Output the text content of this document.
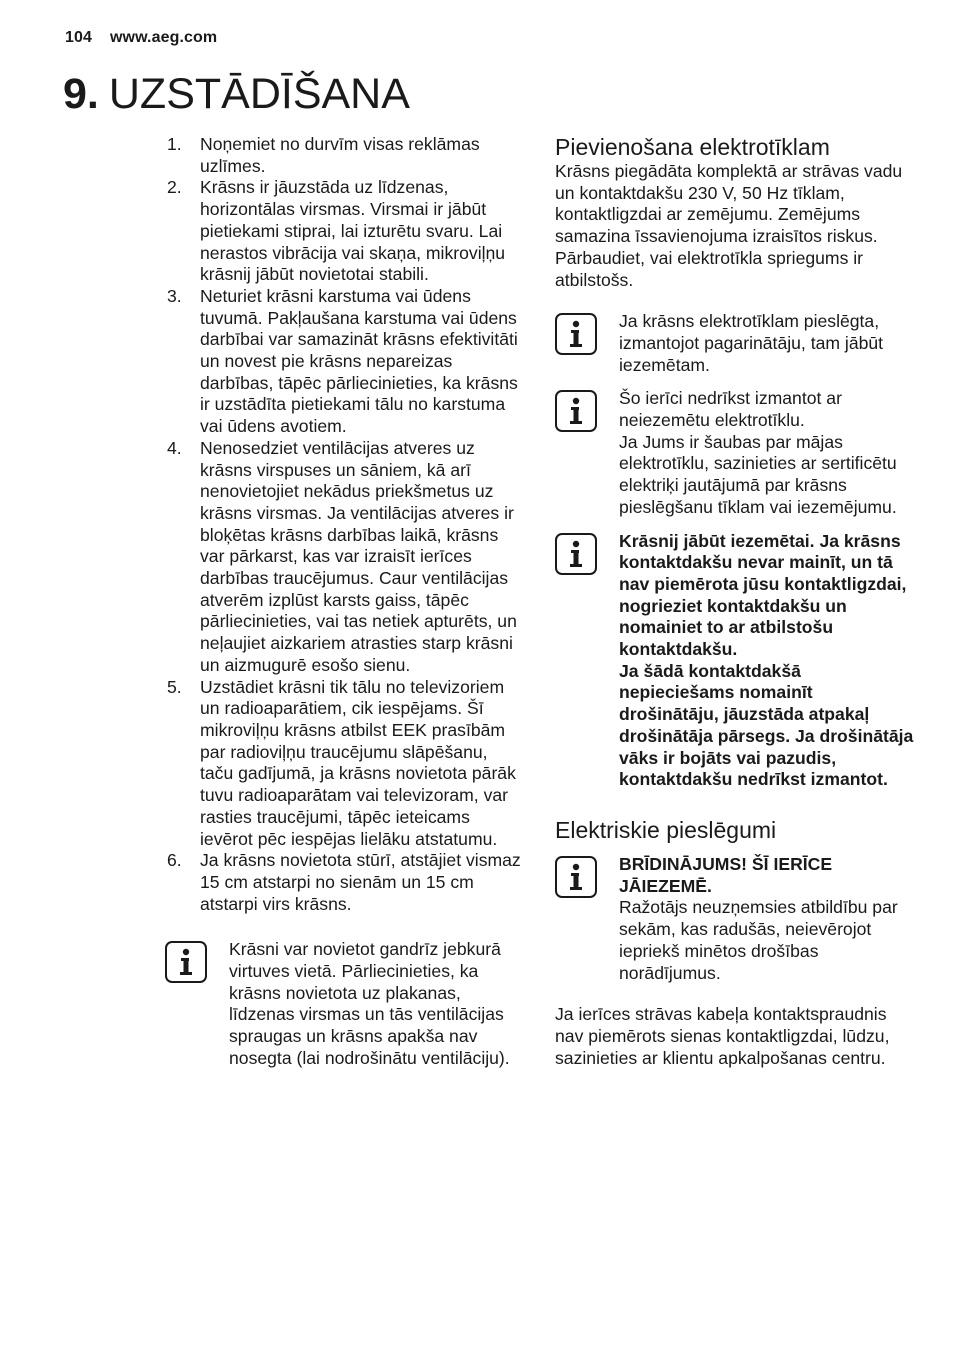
104 www.aeg.com
9. UZSTĀDĪŠANA
1. Noņemiet no durvīm visas reklāmas uzlīmes.
2. Krāsns ir jāuzstāda uz līdzenas, horizontālas virsmas. Virsmai ir jābūt pietiekami stiprai, lai izturētu svaru. Lai nerastos vibrācija vai skaņa, mikroviļņu krāsnij jābūt novietotai stabili.
3. Neturiet krāsni karstuma vai ūdens tuvumā. Pakļaušana karstuma vai ūdens darbībai var samazināt krāsns efektivitāti un novest pie krāsns nepareizas darbības, tāpēc pārliecinieties, ka krāsns ir uzstādīta pietiekami tālu no karstuma vai ūdens avotiem.
4. Nenosedziet ventilācijas atveres uz krāsns virspuses un sāniem, kā arī nenovietojiet nekādus priekšmetus uz krāsns virsmas. Ja ventilācijas atveres ir bloķētas krāsns darbības laikā, krāsns var pārkarst, kas var izraisīt ierīces darbības traucējumus. Caur ventilācijas atverēm izplūst karsts gaiss, tāpēc pārliecinieties, vai tas netiek apturēts, un neļaujiet aizkariem atrasties starp krāsni un aizmugurē esošo sienu.
5. Uzstādiet krāsni tik tālu no televizoriem un radioaparātiem, cik iespējams. Šī mikroviļņu krāsns atbilst EEK prasībām par radioviļņu traucējumu slāpēšanu, taču gadījumā, ja krāsns novietota pārāk tuvu radioaparātam vai televizoram, var rasties traucējumi, tāpēc ieteicams ievērot pēc iespējas lielāku atstatumu.
6. Ja krāsns novietota stūrī, atstājiet vismaz 15 cm atstarpi no sienām un 15 cm atstarpi virs krāsns.

Krāsni var novietot gandrīz jebkurā virtuves vietā. Pārliecinieties, ka krāsns novietota uz plakanas, līdzenas virsmas un tās ventilācijas spraugas un krāsns apakša nav nosegta (lai nodrošinātu ventilāciju).

Pievienošana elektrotīklam

Krāsns piegādāta komplektā ar strāvas vadu un kontaktdakšu 230 V, 50 Hz tīklam, kontaktligzdai ar zemējumu. Zemējums samazina īssavienojuma izraisītos riskus. Pārbaudiet, vai elektrotīkla spriegums ir atbilstošs.

Ja krāsns elektrotīklam pieslēgta, izmantojot pagarinātāju, tam jābūt iezemētam.

Šo ierīci nedrīkst izmantot ar neiezemētu elektrotīklu.

Ja Jums ir šaubas par mājas elektrotīklu, sazinieties ar sertificētu elektriķi jautājumā par krāsns pieslēgšanu tīklam vai iezemējumu.

Krāsnij jābūt iezemētai. Ja krāsns kontaktdakšu nevar mainīt, un tā nav piemērota jūsu kontaktligzdai, nogrieziet kontaktdakšu un nomainiet to ar atbilstošu kontaktdakšu.

Ja šādā kontaktdakšā nepieciešams nomainīt drošinātāju, jāuzstāda atpakaļ drošinātāja pārsegs. Ja drošinātāja vāks ir bojāts vai pazudis, kontaktdakšu nedrīkst izmantot.

Elektriskie pieslēgumi

BRĪDINĀJUMS! ŠĪ IERĪCE JĀIEZEMĒ.

Ražotājs neuzņemsies atbildību par sekām, kas radušās, neievērojot iepriekš minētos drošības norādījumus.

Ja ierīces strāvas kabeļa kontaktspraudnis nav piemērots sienas kontaktligzdai, lūdzu, sazinieties ar klientu apkalpošanas centru.
